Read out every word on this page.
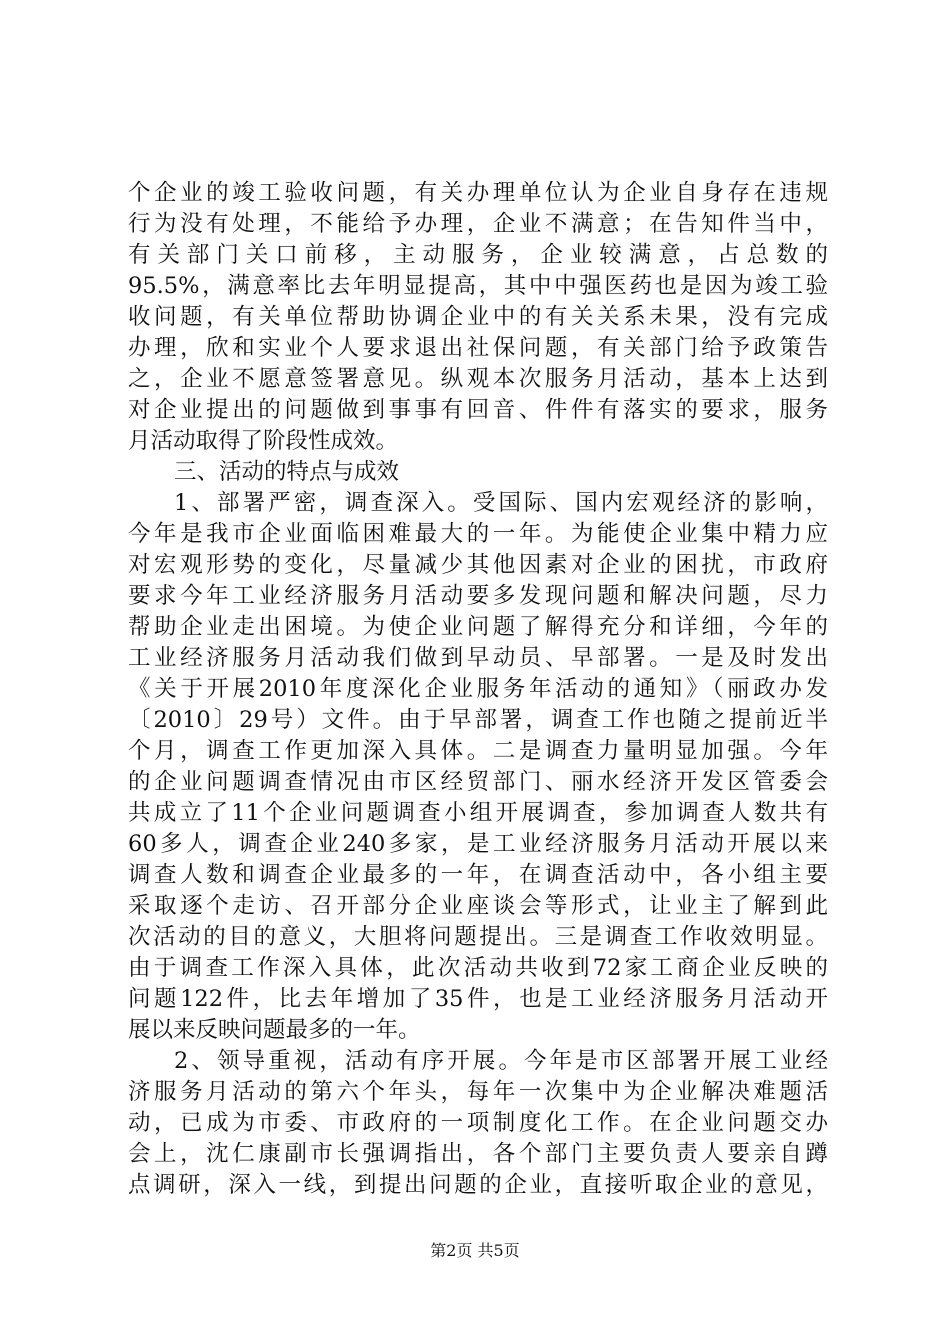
个企业的竣工验收问题，有关办理单位认为企业自身存在违规
行为没有处理，不能给予办理，企业不满意；在告知件当中，
有关部门关口前移，主动服务，企业较满意，占总数的
95.5%，满意率比去年明显提高，其中中强医药也是因为竣工验
收问题，有关单位帮助协调企业中的有关关系未果，没有完成
办理，欣和实业个人要求退出社保问题，有关部门给予政策告
之，企业不愿意签署意见。纵观本次服务月活动，基本上达到
对企业提出的问题做到事事有回音、件件有落实的要求，服务
月活动取得了阶段性成效。
三、活动的特点与成效
1、部署严密，调查深入。受国际、国内宏观经济的影响，
今年是我市企业面临困难最大的一年。为能使企业集中精力应
对宏观形势的变化，尽量减少其他因素对企业的困扰，市政府
要求今年工业经济服务月活动要多发现问题和解决问题，尽力
帮助企业走出困境。为使企业问题了解得充分和详细，今年的
工业经济服务月活动我们做到早动员、早部署。一是及时发出
《关于开展2010年度深化企业服务年活动的通知》（丽政办发
〔2010〕29号）文件。由于早部署，调查工作也随之提前近半
个月，调查工作更加深入具体。二是调查力量明显加强。今年
的企业问题调查情况由市区经贸部门、丽水经济开发区管委会
共成立了11个企业问题调查小组开展调查，参加调查人数共有
60多人，调查企业240多家，是工业经济服务月活动开展以来
调查人数和调查企业最多的一年，在调查活动中，各小组主要
采取逐个走访、召开部分企业座谈会等形式，让业主了解到此
次活动的目的意义，大胆将问题提出。三是调查工作收效明显。
由于调查工作深入具体，此次活动共收到72家工商企业反映的
问题122件，比去年增加了35件，也是工业经济服务月活动开
展以来反映问题最多的一年。
2、领导重视，活动有序开展。今年是市区部署开展工业经
济服务月活动的第六个年头，每年一次集中为企业解决难题活
动，已成为市委、市政府的一项制度化工作。在企业问题交办
会上，沈仁康副市长强调指出，各个部门主要负责人要亲自蹲
点调研，深入一线，到提出问题的企业，直接听取企业的意见，
第2页 共5页
